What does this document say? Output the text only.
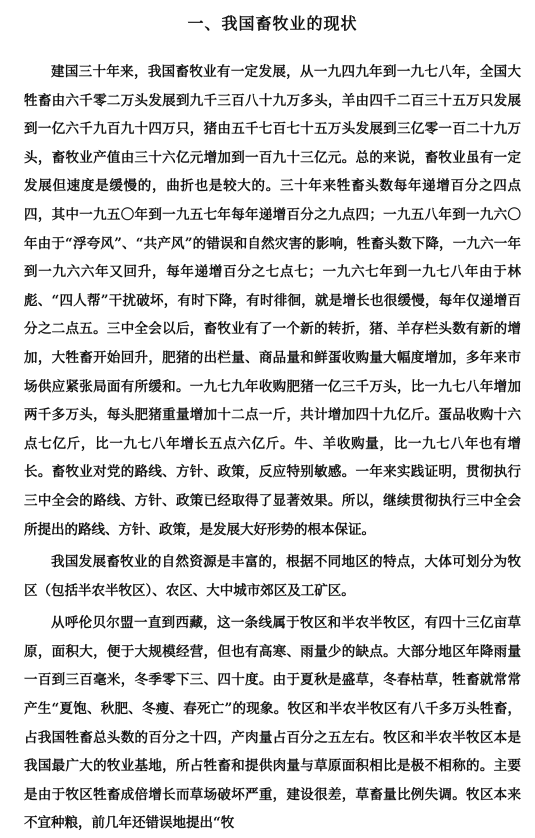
一、我国畜牧业的现状

建国三十年来，我国畜牧业有一定发展，从一九四九年到一九七八年，全国大牲畜由六千零二万头发展到九千三百八十九万多头，羊由四千二百三十五万只发展到一亿六千九百九十四万只，猪由五千七百七十五万头发展到三亿零一百二十九万头，畜牧业产值由三十六亿元增加到一百九十三亿元。总的来说，畜牧业虽有一定发展但速度是缓慢的，曲折也是较大的。三十年来牲畜头数每年递增百分之四点四，其中一九五〇年到一九五七年每年递增百分之九点四；一九五八年到一九六〇年由于“浮夸风”、“共产风”的错误和自然灾害的影响，牲畜头数下降，一九六一年到一九六六年又回升，每年递增百分之七点七；一九六七年到一九七八年由于林彪、“四人帮”干扰破坏，有时下降，有时徘徊，就是增长也很缓慢，每年仅递增百分之二点五。三中全会以后，畜牧业有了一个新的转折，猪、羊存栏头数有新的增加，大牲畜开始回升，肥猪的出栏量、商品量和鲜蛋收购量大幅度增加，多年来市场供应紧张局面有所缓和。一九七九年收购肥猪一亿三千万头，比一九七八年增加两千多万头，每头肥猪重量增加十二点一斤，共计增加四十九亿斤。蛋品收购十六点七亿斤，比一九七八年增长五点六亿斤。牛、羊收购量，比一九七八年也有增长。畜牧业对党的路线、方针、政策，反应特别敏感。一年来实践证明，贯彻执行三中全会的路线、方针、政策已经取得了显著效果。所以，继续贯彻执行三中全会所提出的路线、方针、政策，是发展大好形势的根本保证。

我国发展畜牧业的自然资源是丰富的，根据不同地区的特点，大体可划分为牧区（包括半农半牧区）、农区、大中城市郊区及工矿区。

从呼伦贝尔盟一直到西藏，这一条线属于牧区和半农半牧区，有四十三亿亩草原，面积大，便于大规模经营，但也有高寒、雨量少的缺点。大部分地区年降雨量一百到三百毫米，冬季零下三、四十度。由于夏秋是盛草，冬春枯草，牲畜就常常产生“夏饱、秋肥、冬瘦、春死亡”的现象。牧区和半农半牧区有八千多万头牲畜，占我国牲畜总头数的百分之十四，产肉量占百分之五左右。牧区和半农半牧区本是我国最广大的牧业基地，所占牲畜和提供肉量与草原面积相比是极不相称的。主要是由于牧区牲畜成倍增长而草场破坏严重，建设很差，草畜量比例失调。牧区本来不宜种粮，前几年还错误地提出“牧
